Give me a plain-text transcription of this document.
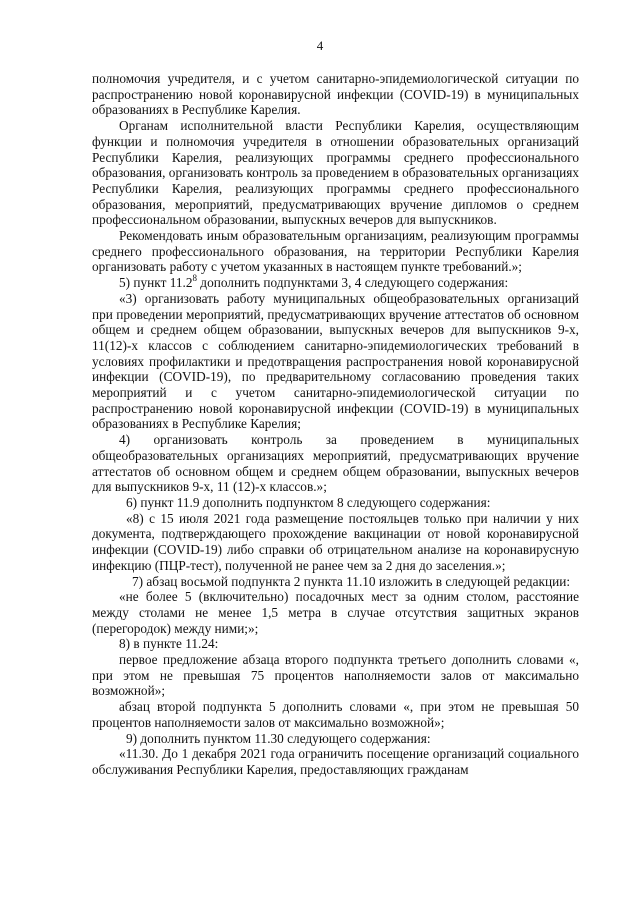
4

полномочия учредителя, и с учетом санитарно-эпидемиологической ситуации по распространению новой коронавирусной инфекции (COVID-19) в муниципальных образованиях в Республике Карелия.

Органам исполнительной власти Республики Карелия, осуществляющим функции и полномочия учредителя в отношении образовательных организаций Республики Карелия, реализующих программы среднего профессионального образования, организовать контроль за проведением в образовательных организациях Республики Карелия, реализующих программы среднего профессионального образования, мероприятий, предусматривающих вручение дипломов о среднем профессиональном образовании, выпускных вечеров для выпускников.

Рекомендовать иным образовательным организациям, реализующим программы среднего профессионального образования, на территории Республики Карелия организовать работу с учетом указанных в настоящем пункте требований.»;

5) пункт 11.2$^8$ дополнить подпунктами 3, 4 следующего содержания:

«3) организовать работу муниципальных общеобразовательных организаций при проведении мероприятий, предусматривающих вручение аттестатов об основном общем и среднем общем образовании, выпускных вечеров для выпускников 9-х, 11(12)-х классов с соблюдением санитарно-эпидемиологических требований в условиях профилактики и предотвращения распространения новой коронавирусной инфекции (COVID-19), по предварительному согласованию проведения таких мероприятий и с учетом санитарно-эпидемиологической ситуации по распространению новой коронавирусной инфекции (COVID-19) в муниципальных образованиях в Республике Карелия;

4) организовать контроль за проведением в муниципальных общеобразовательных организациях мероприятий, предусматривающих вручение аттестатов об основном общем и среднем общем образовании, выпускных вечеров для выпускников 9-х, 11 (12)-х классов.»;

6) пункт 11.9 дополнить подпунктом 8 следующего содержания:

«8) с 15 июля 2021 года размещение постояльцев только при наличии у них документа, подтверждающего прохождение вакцинации от новой коронавирусной инфекции (COVID-19) либо справки об отрицательном анализе на коронавирусную инфекцию (ПЦР-тест), полученной не ранее чем за 2 дня до заселения.»;

7) абзац восьмой подпункта 2 пункта 11.10 изложить в следующей редакции:

«не более 5 (включительно) посадочных мест за одним столом, расстояние между столами не менее 1,5 метра в случае отсутствия защитных экранов (перегородок) между ними;»;

8) в пункте 11.24:

первое предложение абзаца второго подпункта третьего дополнить словами «, при этом не превышая 75 процентов наполняемости залов от максимально возможной»;

абзац второй подпункта 5 дополнить словами «, при этом не превышая 50 процентов наполняемости залов от максимально возможной»;

9) дополнить пунктом 11.30 следующего содержания:

«11.30. До 1 декабря 2021 года ограничить посещение организаций социального обслуживания Республики Карелия, предоставляющих гражданам
